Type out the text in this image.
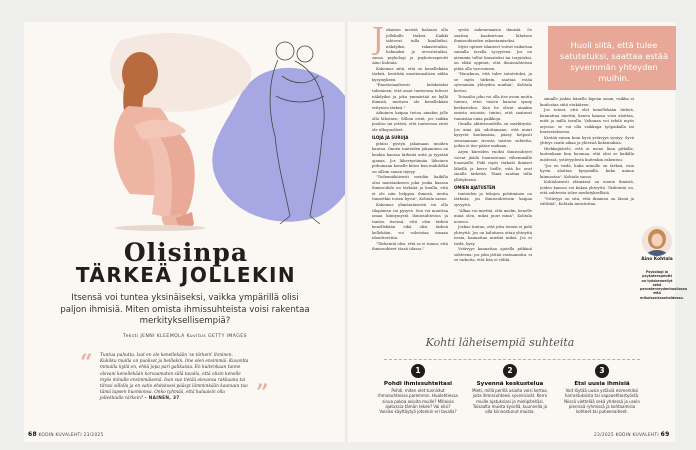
Olisinpa
TÄRKEÄ JOLLEKIN

Itsensä voi tuntea yksinäiseksi, vaikka ympärillä olisi paljon ihmisiä. Miten omista ihmissuhteista voisi rakentaa merkityksellisempiä?

Teksti JENNI KLEEMOLA Kuvitus GETTY IMAGES
“ Tuntua puhutta. Isat en ole kenellekään 'se tärkein' ihminen. Kukilku muilla on puolisot ja heillekin. Ime olen ensimmäi. Kuvanlta mmuilla kyllä on, ehkä jopa pari galikaisia. En kuitenkaan tunne olevani kenellekään korvaamaton sillä tavalla, että olisin kenelle myös minulle ensimmäisenä. Isan suo tietää olevansa rakkaana tai tilrasi sillolla ja en vatio ehdoksesi pääsyt lämminkään kaunuun tuo tämä lapsen huomionsa. Onko tyhmää, että haluaisin olla jollekkiulle tärkein? – NAINEN, 37	”
68 KODIN KUVALEHTI 23/2025
J okaisen meistä haluaisi olla jollekulle tärkeä. Kaikki tahtovat tulla kuulluiksi, nähdyiksi, rakastetuiksi, hahmaksi ja arvostetuiksi, sanoo psykologi ja psykoterapeutti Aino Kohtala.

Kokemus siitä, että on kenellekään tärkeä, herättää emotionaalisen nälän kysymyksen.

"Emotionaalisesti kohdatuksi tuleminen, että omat tunteensa tulevat nähdyiksi ja joku ymmärtää ne kyllä ihmisiä, muttava ole kenellekään erityisen tärkeä."

Aikuinen kaipaa tietoa ainakin jolle olla läheinen. Silloin eivät, jos vaikka puoliso tai ystävä, että tunteensa eivät ole ulkopuoliset.

ILOJA JA SURUJA

pitäisi pystyä jakamaan muiden kanssa. Omien tunteiden jakaminen on kenkin kanssa tärkeää mitä ja tyyntää ajanaa. Jos lähestystämän läheinen puhumaan kenelle kiitos kun mahdolkä on silloin sanan täytyy.

"Todennäköisesti meidän kaikilla olisi muistaakseen joku jonka kanssa ihmissuhde on tärkeää ja kuulla, että ei ole niin helppoa ihmisiä, mutta tunnetkin toisen hyvin", Kohtala sanoo.

Kokemus ylimääräisestä voi olla tilapäinen tai pysyvä. Sen voi muuttaa omaa kiintymystä ihmissuhteissa ja tuntea itsensä, että olen tärkeä kenellekään eikä olisi tärkeä kellekään, voi vahvistaa omaan identiteettiin.

"Tärkeintä olisi, että se ei tunnu, että ihmissuhteet tässä tilassa."

syvää aukenemaisia ihmisiä. Se saattaa haaksirtoaa läheisen ihmissuhteiden rakentamiseksi.

Myös optiset tilanteet voivat vaikuttaa samalla tavalla syvyyteen. Jos on aiemmin tullut kiusatuksi tai torjutuksi, on ehkä oppinut, että ihmissuhteissa pitää olla varovainen.

"Hauskuus, että tulee satutetuksi, ja se myös tärkein, saattaa estää syvemmän yhteyden muihin", Kohtala kertoo.

Toisaalta joku voi olla itse avoin mutta tuntuu, ettei toisen kanssa synny keskustelua. Kun he olivat ainakin omista asioista, tuntui, että saatavat tunnistaa omia paikkoja.

Omalla aktiivisuudella on merkitystä. Jos aina jää odottamaan, että muut kysyvät kuulumisia, pääsy helposti seuraamaan sivusta toisten suhteita, joihin ei itse pääse mukaan.

Arjen kiireiden vuoksi ihmissuhteet voivat jäädä luonnostaan vähemmälle huomiolle. Pidä myös tärkeät ihmiset lähellä ja kerro heille, että he ovat sinulle tärkeitä. Tämä saattaa tulla yllätyksenä.

OMIEN AJATUSTEN

tunteiden ja tekojen pohtiminen on tärkeää, jos ihmissuhteisiin kaipaa syvyyttä.

"Alkaa voi miettiä, että mielin, kenelle minä olen, miksi juuri minä", Kohtala neuvoo.

Joskus tuntuu, että joku toinen ei pidä yhteyttä. Jos on haluttava ottaa yhteyttä ensin, kannattaa miettiä miksi. Jos et tiedä, kysy.

Ystävyys kannattaa ajatella pitkänä suhteena: jos joku jättää vastaamatta, ei se tarkoita, että hän ei välitä.

Huoli siitä, että tulee satutetuksi, saattaa estää syvemmän yhteyden muihin.

simalle joskin hänelle kipeän asian, vaikka ei kuulostaa siitä etukäteen.

Jos toteat, että olet kenellekään tärkeä, kannattaa miettiä, kenen kanssa voisi aloittaa, mitä ja millä tavalla. Valinnan voi tehdä myös arjessa: se voi olla vaikkapa työpaikalla tai harrastuksessa.

Kestää ennen kuin hyvä ystävyys syntyy. Syvä yhteys vaatii aikaa ja yhteisiä kokemuksia.

Hiekkajäätelö, että ei mene liian pitkälle, kuitenkaan kun huomaa, että olisi se kaikilla mielessä, ystävyydestä kuitenkin rakentuu.

"Jos en tiedä, kuka minulle on tärkeä, voin hyvin aloittaa kysymällä, kuka minua kiinnostaa", Kohtala sanoo.

Kohtalaisesti elämässä on monia ihmisiä, joiden kanssa voi kokea yhteyttä. Tärkeintä on, että suhteista tulee merkityksellisiä.

"Ystävyys on sitä, että ihminen on läsnä ja välittää", Kohtala muistuttaa.

Aino Kohtala
Psykologi ja psykoterapeutti on työskennellyt sekä perusterveydenhuollossa että erikoissairaanhoidossa.

Kohti läheisempiä suhteita

1
Pohdi ihmissuhteitasi
Pohdi, miten olet tunnistut ihmissuhteissa paremmin. Huolehtiessa sinua pakoa asioita muille? Millaisia ajatuksia tämän tekee? Vai olisi? Voisiko käyttäytyä jotenkin eri tavalla?
2
Syvennä keskustelua
Mieti, millä perillä asioita voisi kertoa, joita ihmissuhteesi syvenisivät. Kerro muille ajatuksiasi ja mielipiteitäsi. Toisaalta muista kysellä, kuunnella ja olla kiinnostunut muista.
3
Etsi uusia ihmisiä
Voit löytää uusia ystäviä esimerkiksi harrastuksista tai vapaaehtoistyöstä. Niissä viettelää sekä yhdessä ja usein pienissä ryhmissä ja kohtaamisia kohteet tai puheenaiheet.
23/2025 KODIN KUVALEHTI 69
